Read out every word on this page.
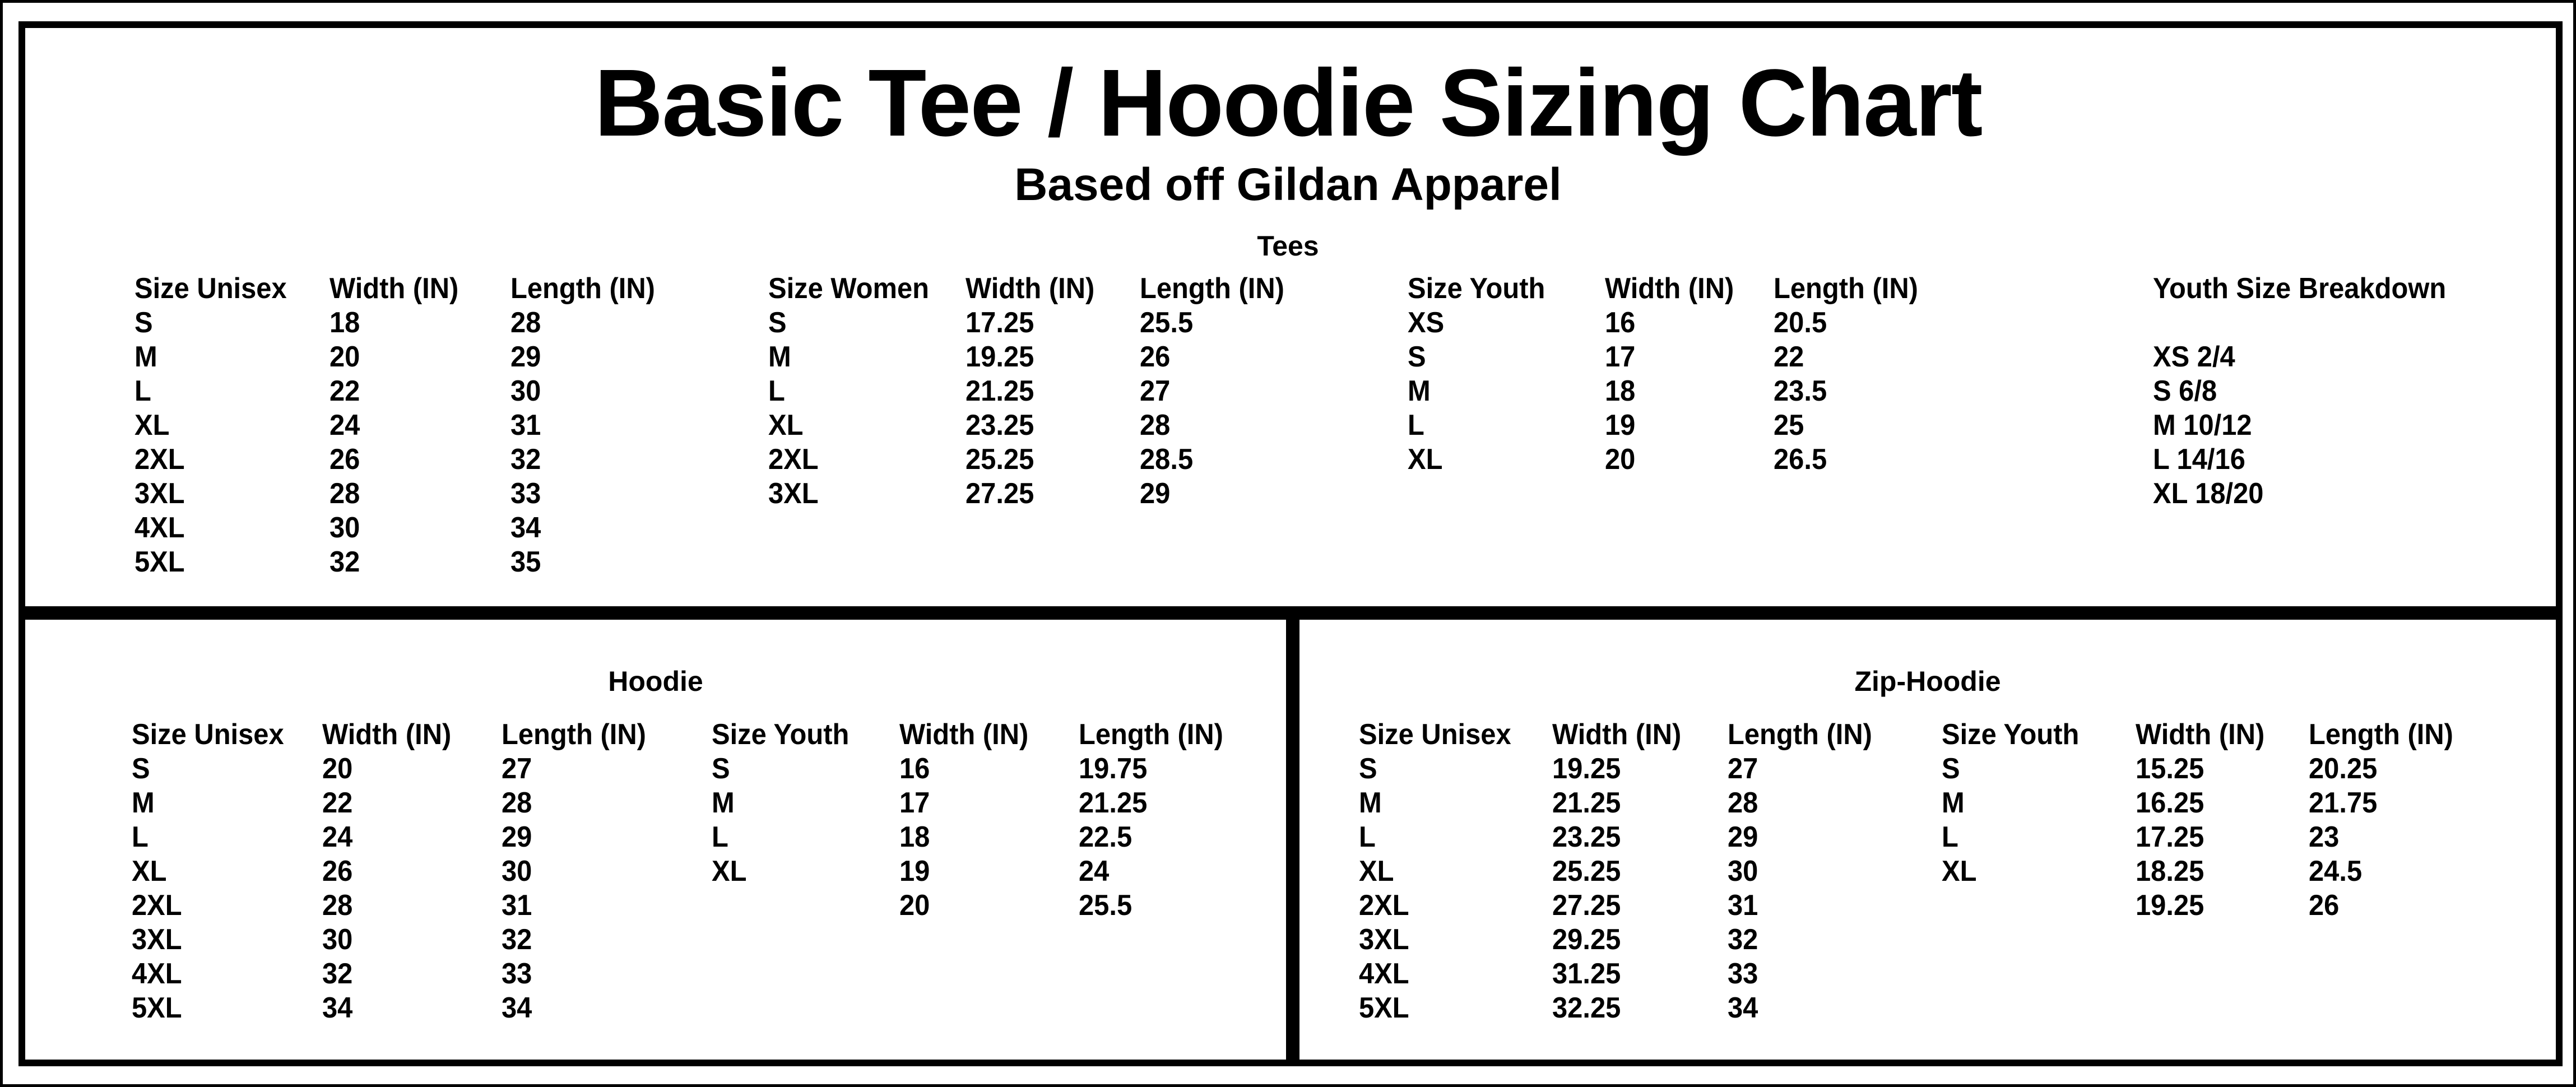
Basic Tee / Hoodie Sizing Chart
Based off Gildan Apparel
Tees
Hoodie	Zip-Hoodie
Size Unisex
S
M
L
XL
2XL
3XL
4XL
5XL
Width (IN)
18
20
22
24
26
28
30
32
Length (IN)
28
29
30
31
32
33
34
35
Size Women
S
M
L
XL
2XL
3XL
Width (IN)
17.25
19.25
21.25
23.25
25.25
27.25
Length (IN)
25.5
26
27
28
28.5
29
Size Youth
XS
S
M
L
XL
Width (IN)
16
17
18
19
20
Length (IN)
20.5
22
23.5
25
26.5
Youth Size Breakdown
XS 2/4
S 6/8
M 10/12
L 14/16
XL 18/20
Size Unisex
S
M
L
XL
2XL
3XL
4XL
5XL
Width (IN)
20
22
24
26
28
30
32
34
Length (IN)
27
28
29
30
31
32
33
34
Size Youth
S
M
L
XL
Width (IN)
16
17
18
19
20
Length (IN)
19.75
21.25
22.5
24
25.5
Size Unisex
S
M
L
XL
2XL
3XL
4XL
5XL
Width (IN)
19.25
21.25
23.25
25.25
27.25
29.25
31.25
32.25
Length (IN)
27
28
29
30
31
32
33
34
Size Youth
S
M
L
XL
Width (IN)
15.25
16.25
17.25
18.25
19.25
Length (IN)
20.25
21.75
23
24.5
26
